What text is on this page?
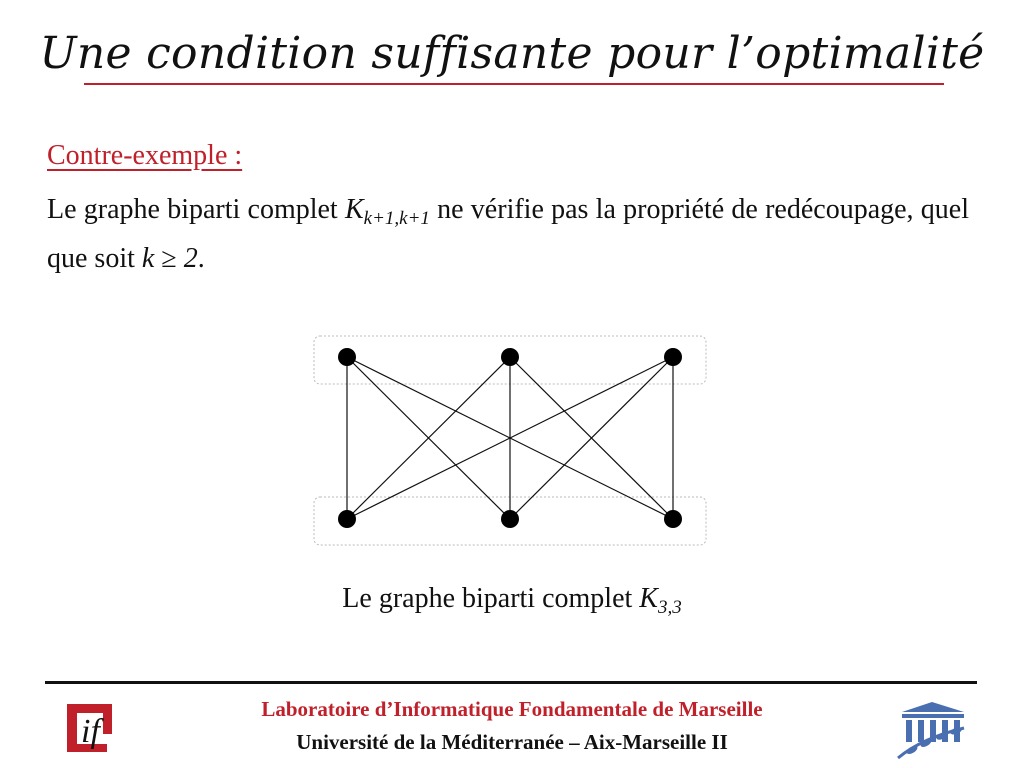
Une condition suffisante pour l’optimalité
Contre-exemple :
Le graphe biparti complet $K_{k+1,k+1}$ ne vérifie pas la propriété de redécoupage, quel que soit k ≥ 2.
Le graphe biparti complet $K_{3,3}$
if
Laboratoire d’Informatique Fondamentale de Marseille
Université de la Méditerranée – Aix-Marseille II
